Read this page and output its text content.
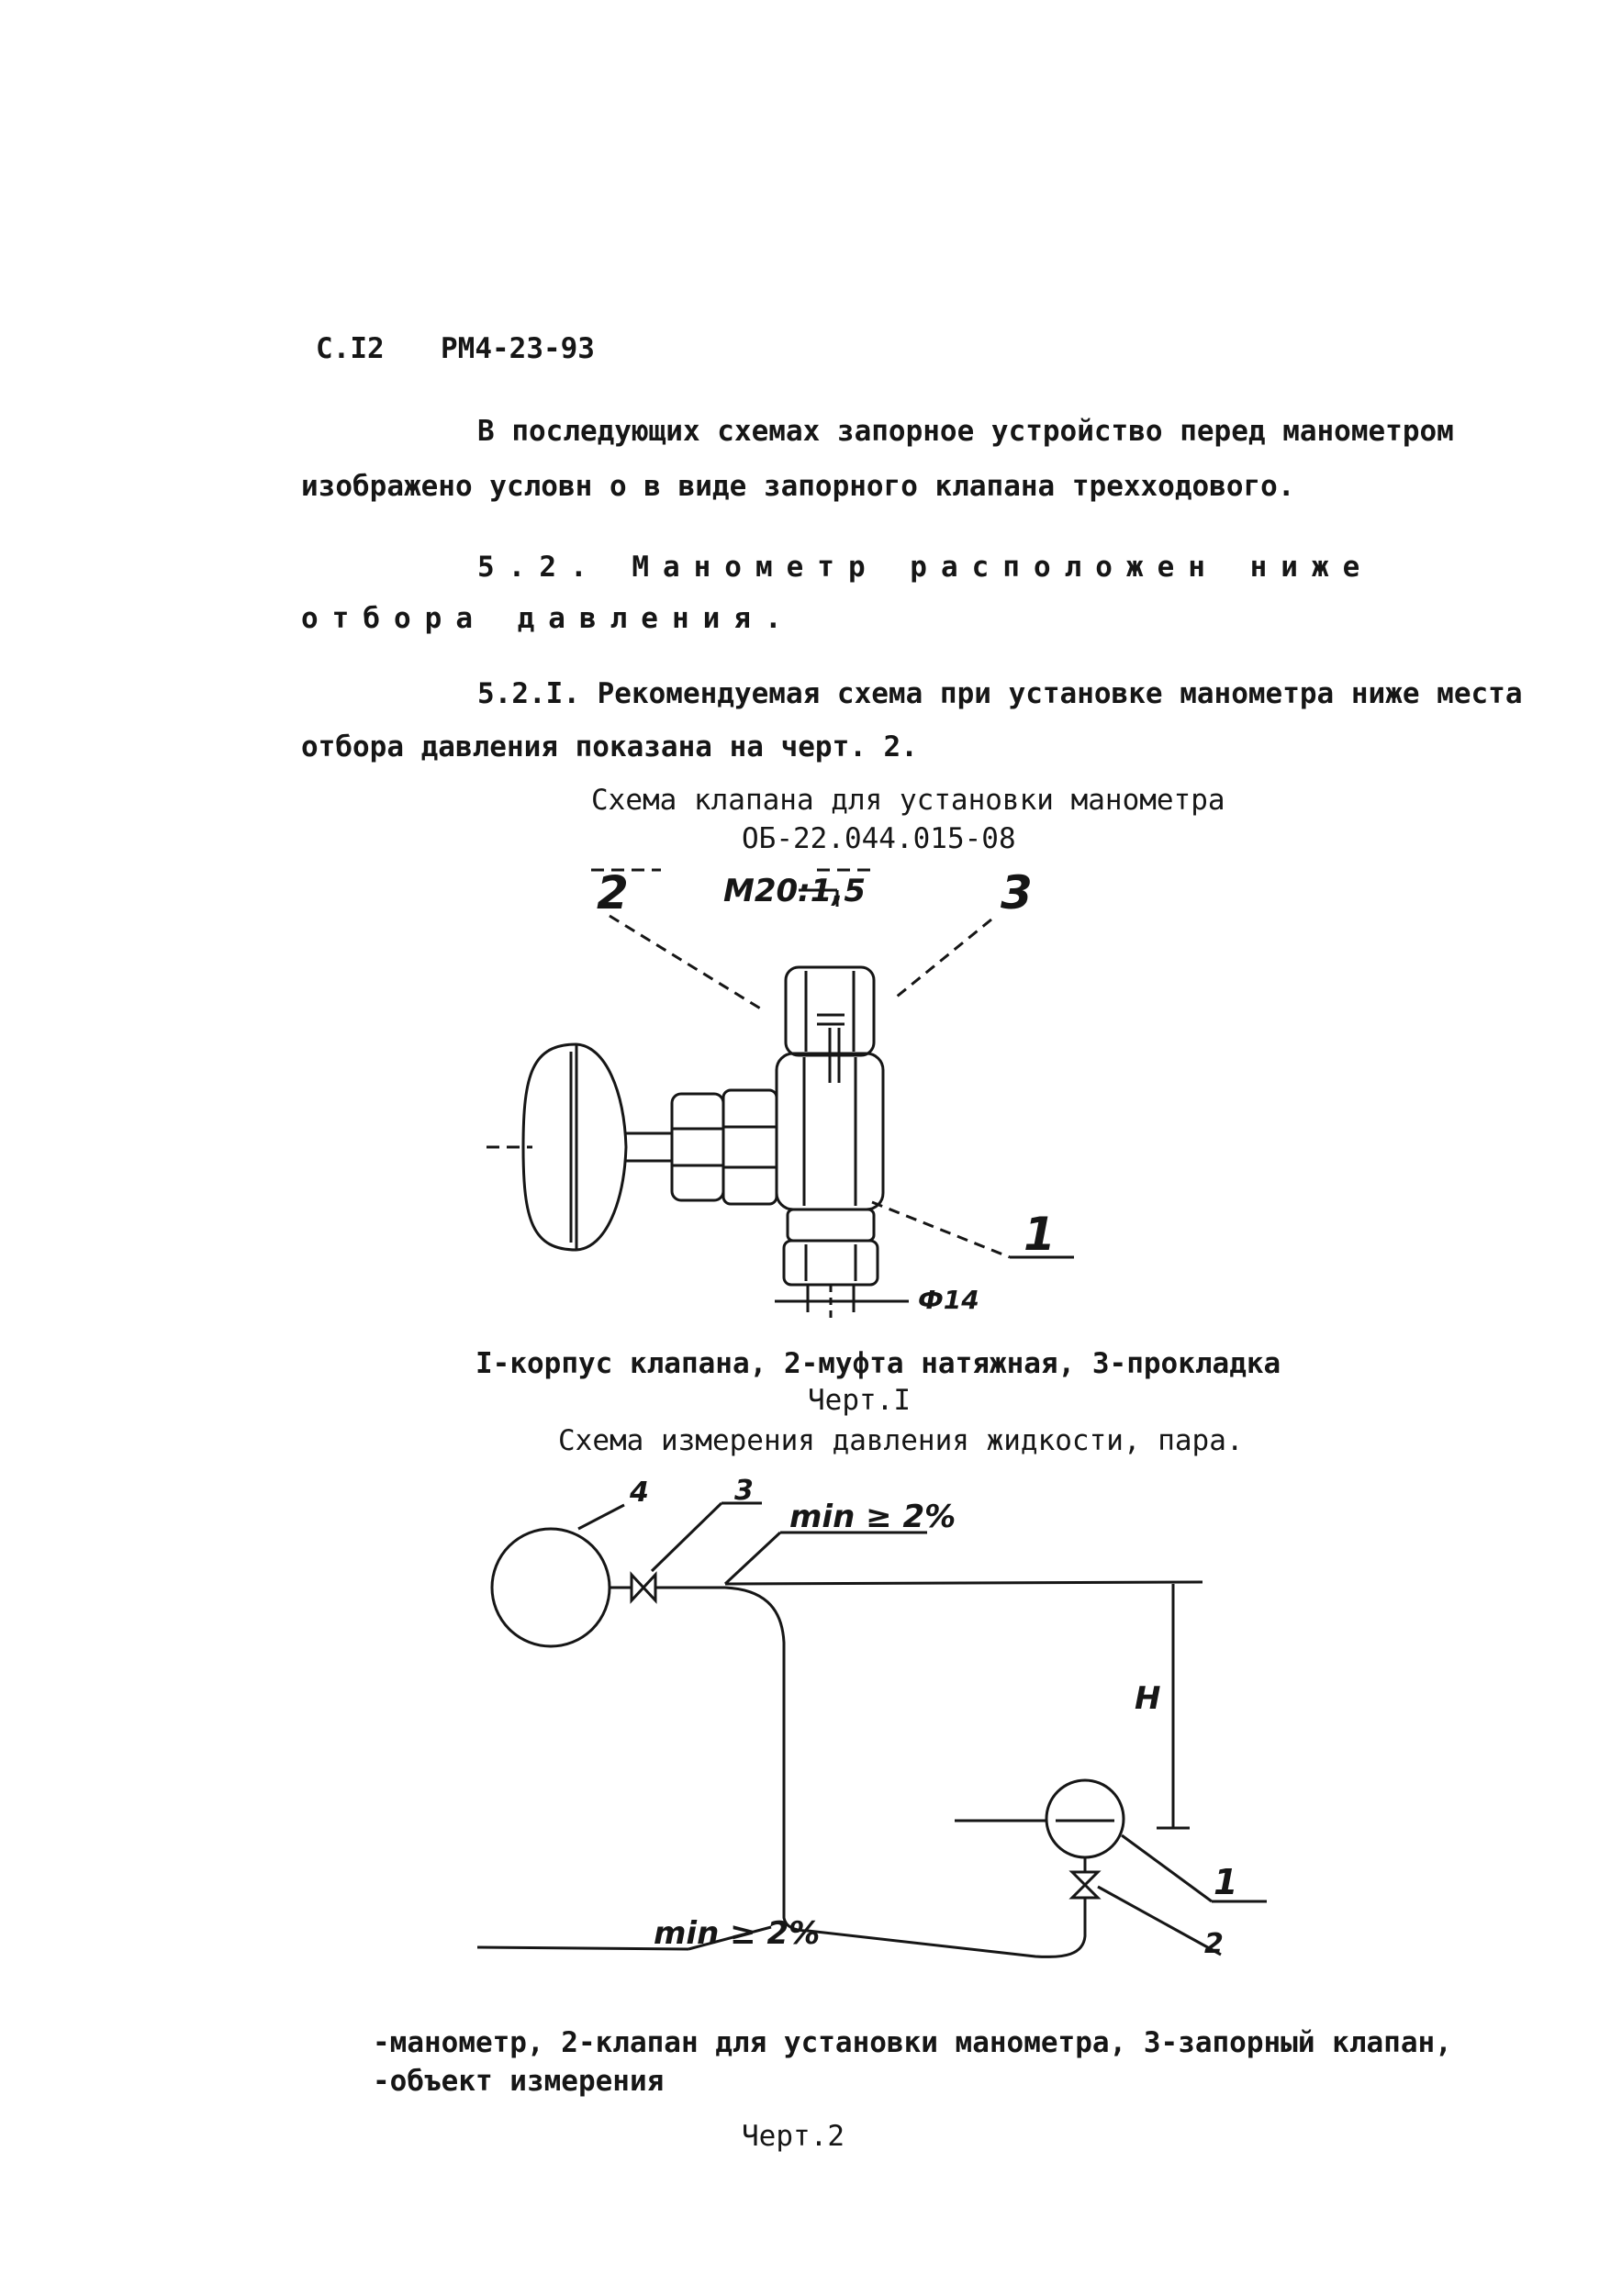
С.I2 РМ4-23-93
В последующих схемах запорное устройство перед манометром
изображено условн о в виде запорного клапана трехходового.
5.2. Манометр расположен ниже
отбора давления.
5.2.I. Рекомендуемая схема при установке манометра ниже места
отбора давления показана на черт. 2.
Схема клапана для установки манометра
ОБ-22.044.015-08
2	М20:1,5	3
1
Ф14
I-корпус клапана, 2-муфта натяжная, 3-прокладка
Черт.I
Схема измерения давления жидкости, пара.
4	3
min ≥ 2%
Н
1
2
min ≥ 2%
-манометр, 2-клапан для установки манометра, 3-запорный клапан,
-объект измерения
Черт.2
